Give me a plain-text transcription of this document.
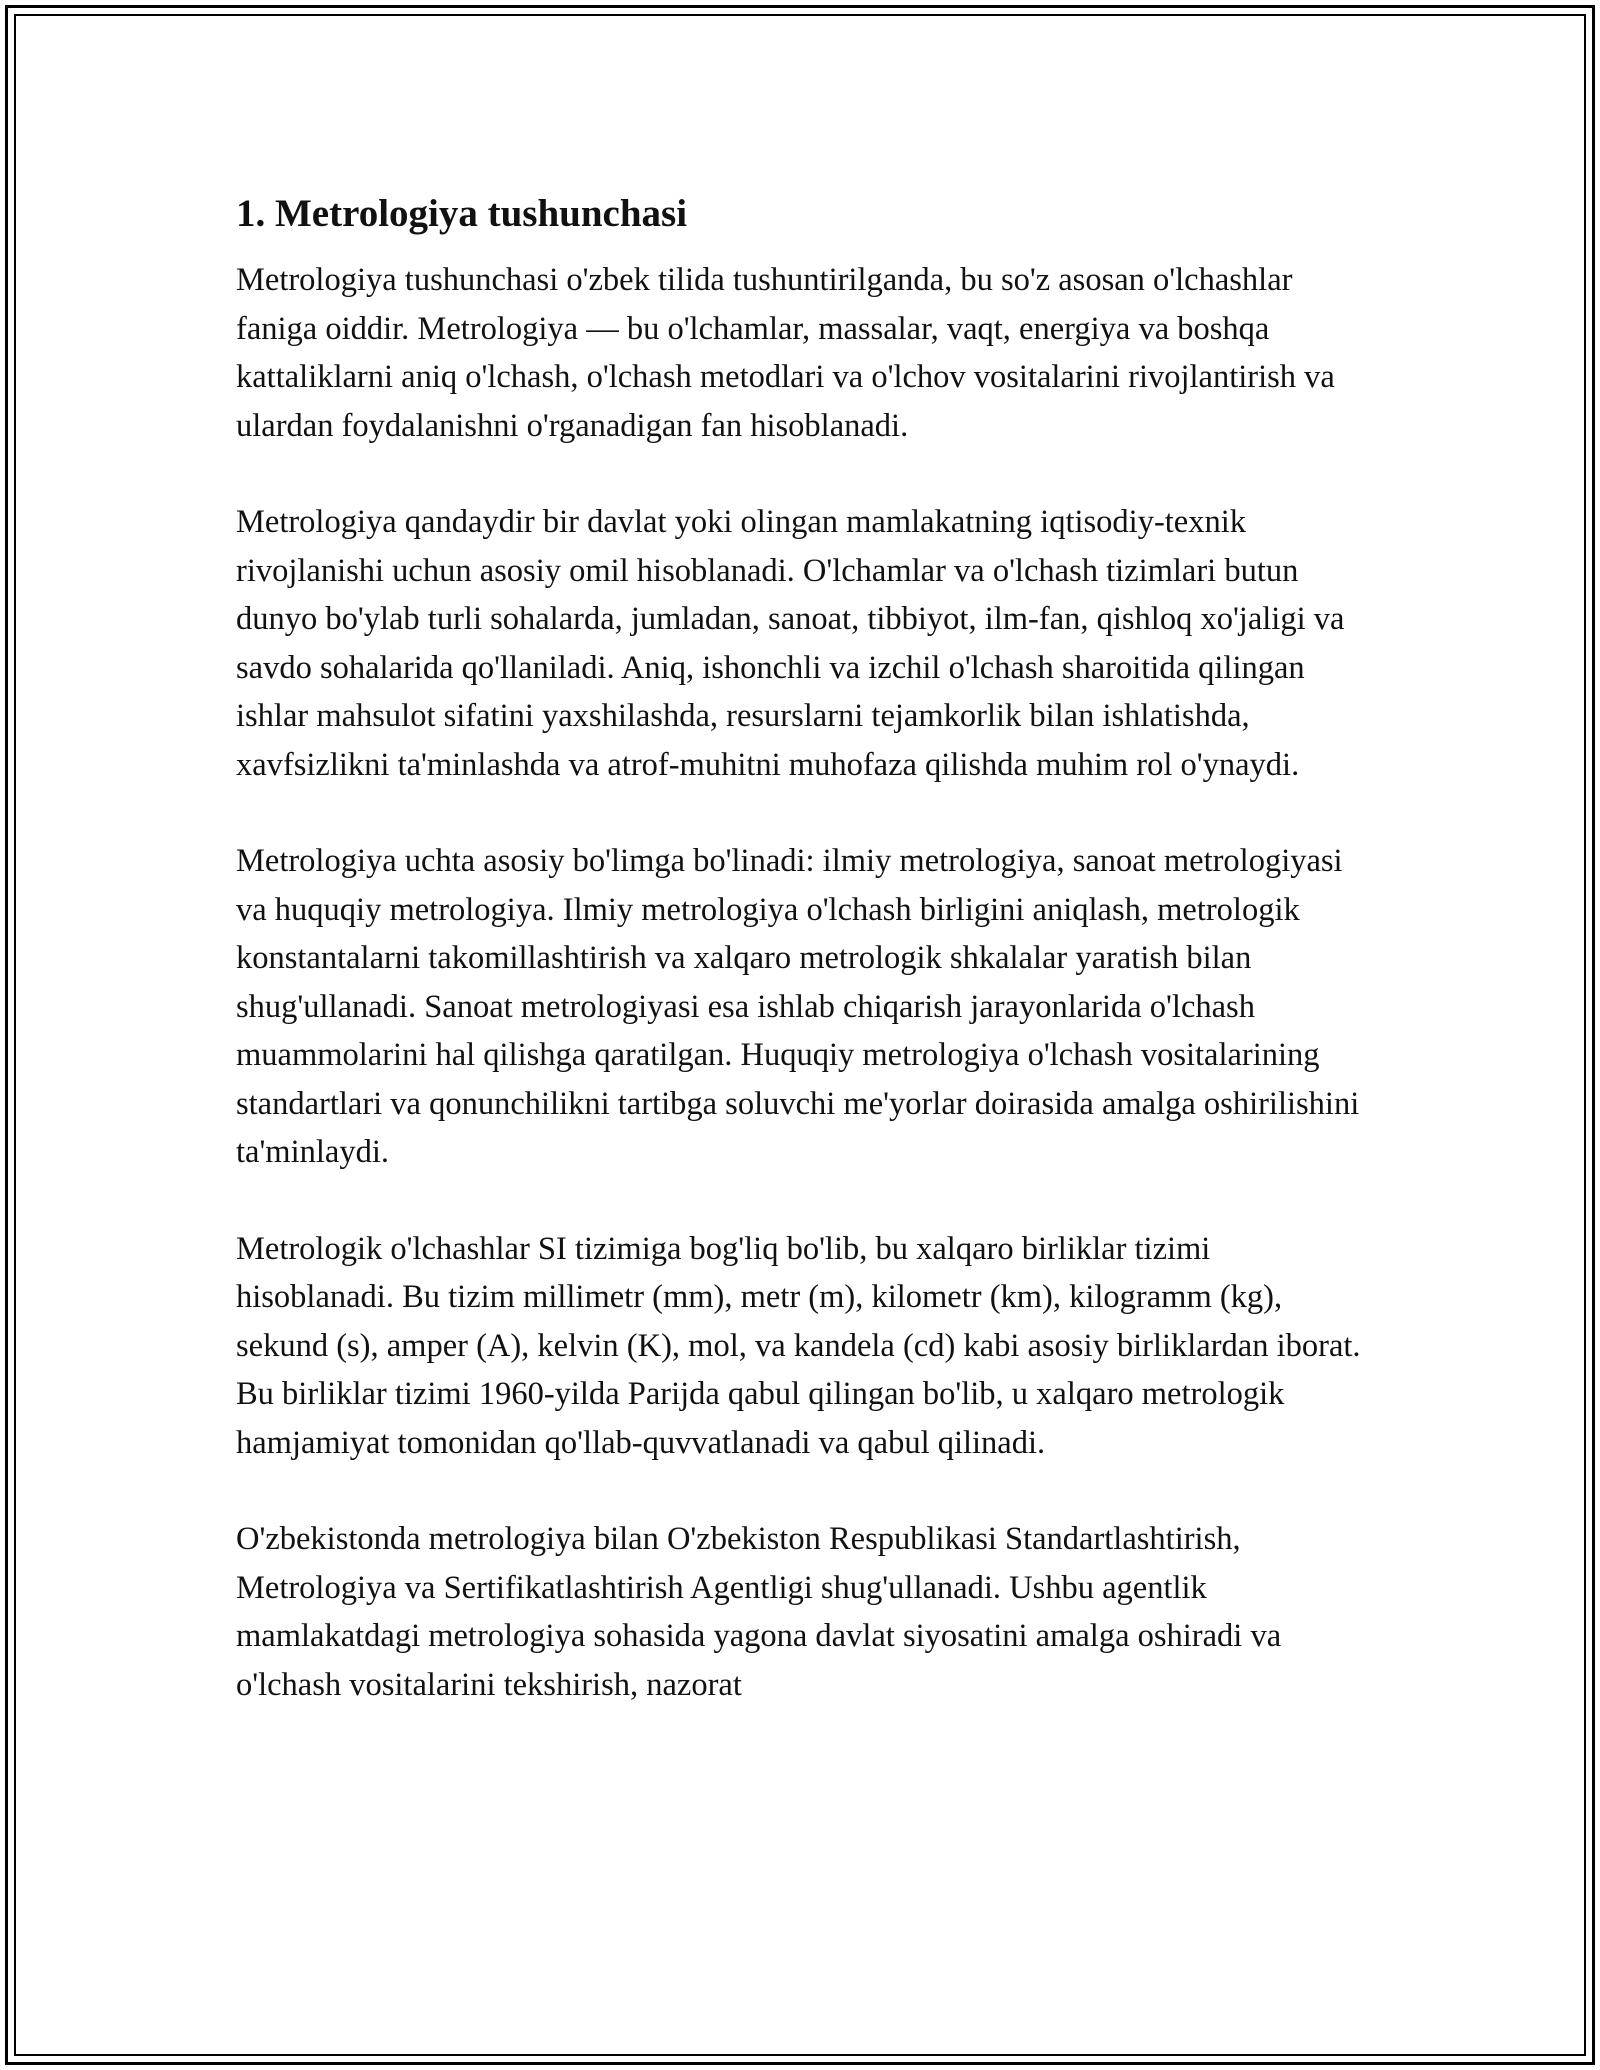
1. Metrologiya tushunchasi

Metrologiya tushunchasi o'zbek tilida tushuntirilganda, bu so'z asosan o'lchashlar faniga oiddir. Metrologiya — bu o'lchamlar, massalar, vaqt, energiya va boshqa kattaliklarni aniq o'lchash, o'lchash metodlari va o'lchov vositalarini rivojlantirish va ulardan foydalanishni o'rganadigan fan hisoblanadi.

Metrologiya qandaydir bir davlat yoki olingan mamlakatning iqtisodiy-texnik rivojlanishi uchun asosiy omil hisoblanadi. O'lchamlar va o'lchash tizimlari butun dunyo bo'ylab turli sohalarda, jumladan, sanoat, tibbiyot, ilm-fan, qishloq xo'jaligi va savdo sohalarida qo'llaniladi. Aniq, ishonchli va izchil o'lchash sharoitida qilingan ishlar mahsulot sifatini yaxshilashda, resurslarni tejamkorlik bilan ishlatishda, xavfsizlikni ta'minlashda va atrof-muhitni muhofaza qilishda muhim rol o'ynaydi.

Metrologiya uchta asosiy bo'limga bo'linadi: ilmiy metrologiya, sanoat metrologiyasi va huquqiy metrologiya. Ilmiy metrologiya o'lchash birligini aniqlash, metrologik konstantalarni takomillashtirish va xalqaro metrologik shkalalar yaratish bilan shug'ullanadi. Sanoat metrologiyasi esa ishlab chiqarish jarayonlarida o'lchash muammolarini hal qilishga qaratilgan. Huquqiy metrologiya o'lchash vositalarining standartlari va qonunchilikni tartibga soluvchi me'yorlar doirasida amalga oshirilishini ta'minlaydi.

Metrologik o'lchashlar SI tizimiga bog'liq bo'lib, bu xalqaro birliklar tizimi hisoblanadi. Bu tizim millimetr (mm), metr (m), kilometr (km), kilogramm (kg), sekund (s), amper (A), kelvin (K), mol, va kandela (cd) kabi asosiy birliklardan iborat. Bu birliklar tizimi 1960-yilda Parijda qabul qilingan bo'lib, u xalqaro metrologik hamjamiyat tomonidan qo'llab-quvvatlanadi va qabul qilinadi.

O'zbekistonda metrologiya bilan O'zbekiston Respublikasi Standartlashtirish, Metrologiya va Sertifikatlashtirish Agentligi shug'ullanadi. Ushbu agentlik mamlakatdagi metrologiya sohasida yagona davlat siyosatini amalga oshiradi va o'lchash vositalarini tekshirish, nazorat
